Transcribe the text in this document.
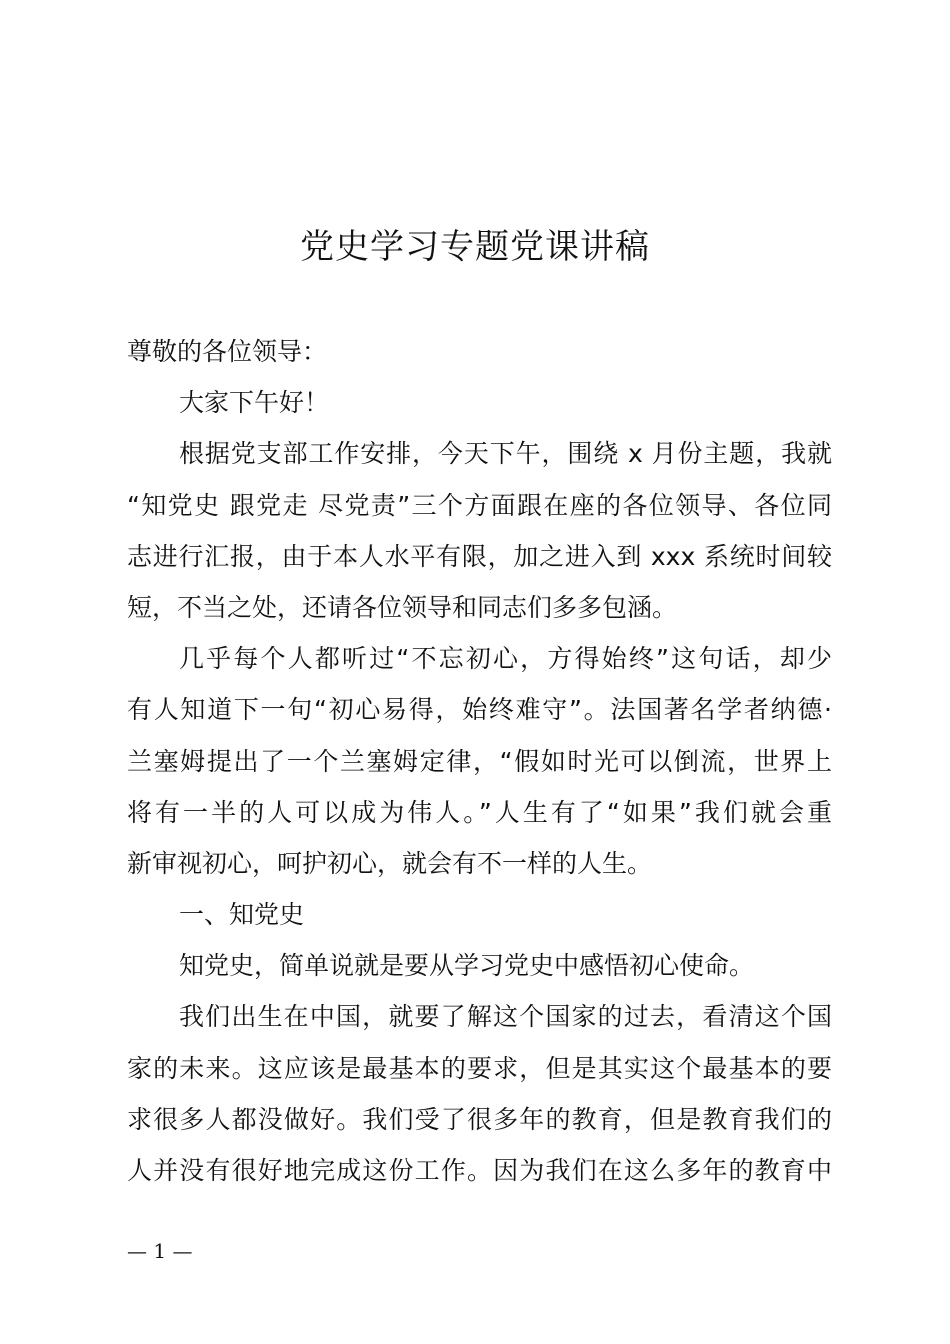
党史学习专题党课讲稿
尊敬的各位领导：
大家下午好！
根据党支部工作安排，今天下午，围绕 x 月份主题，我就
“知党史 跟党走 尽党责”三个方面跟在座的各位领导、各位同
志进行汇报，由于本人水平有限，加之进入到 xxx 系统时间较
短，不当之处，还请各位领导和同志们多多包涵。
几乎每个人都听过“不忘初心，方得始终”这句话，却少
有人知道下一句“初心易得，始终难守”。法国著名学者纳德·
兰塞姆提出了一个兰塞姆定律，“假如时光可以倒流，世界上
将有一半的人可以成为伟人。”人生有了“如果”我们就会重
新审视初心，呵护初心，就会有不一样的人生。
一、知党史
知党史，简单说就是要从学习党史中感悟初心使命。
我们出生在中国，就要了解这个国家的过去，看清这个国
家的未来。这应该是最基本的要求，但是其实这个最基本的要
求很多人都没做好。我们受了很多年的教育，但是教育我们的
人并没有很好地完成这份工作。因为我们在这么多年的教育中
— 1 —
